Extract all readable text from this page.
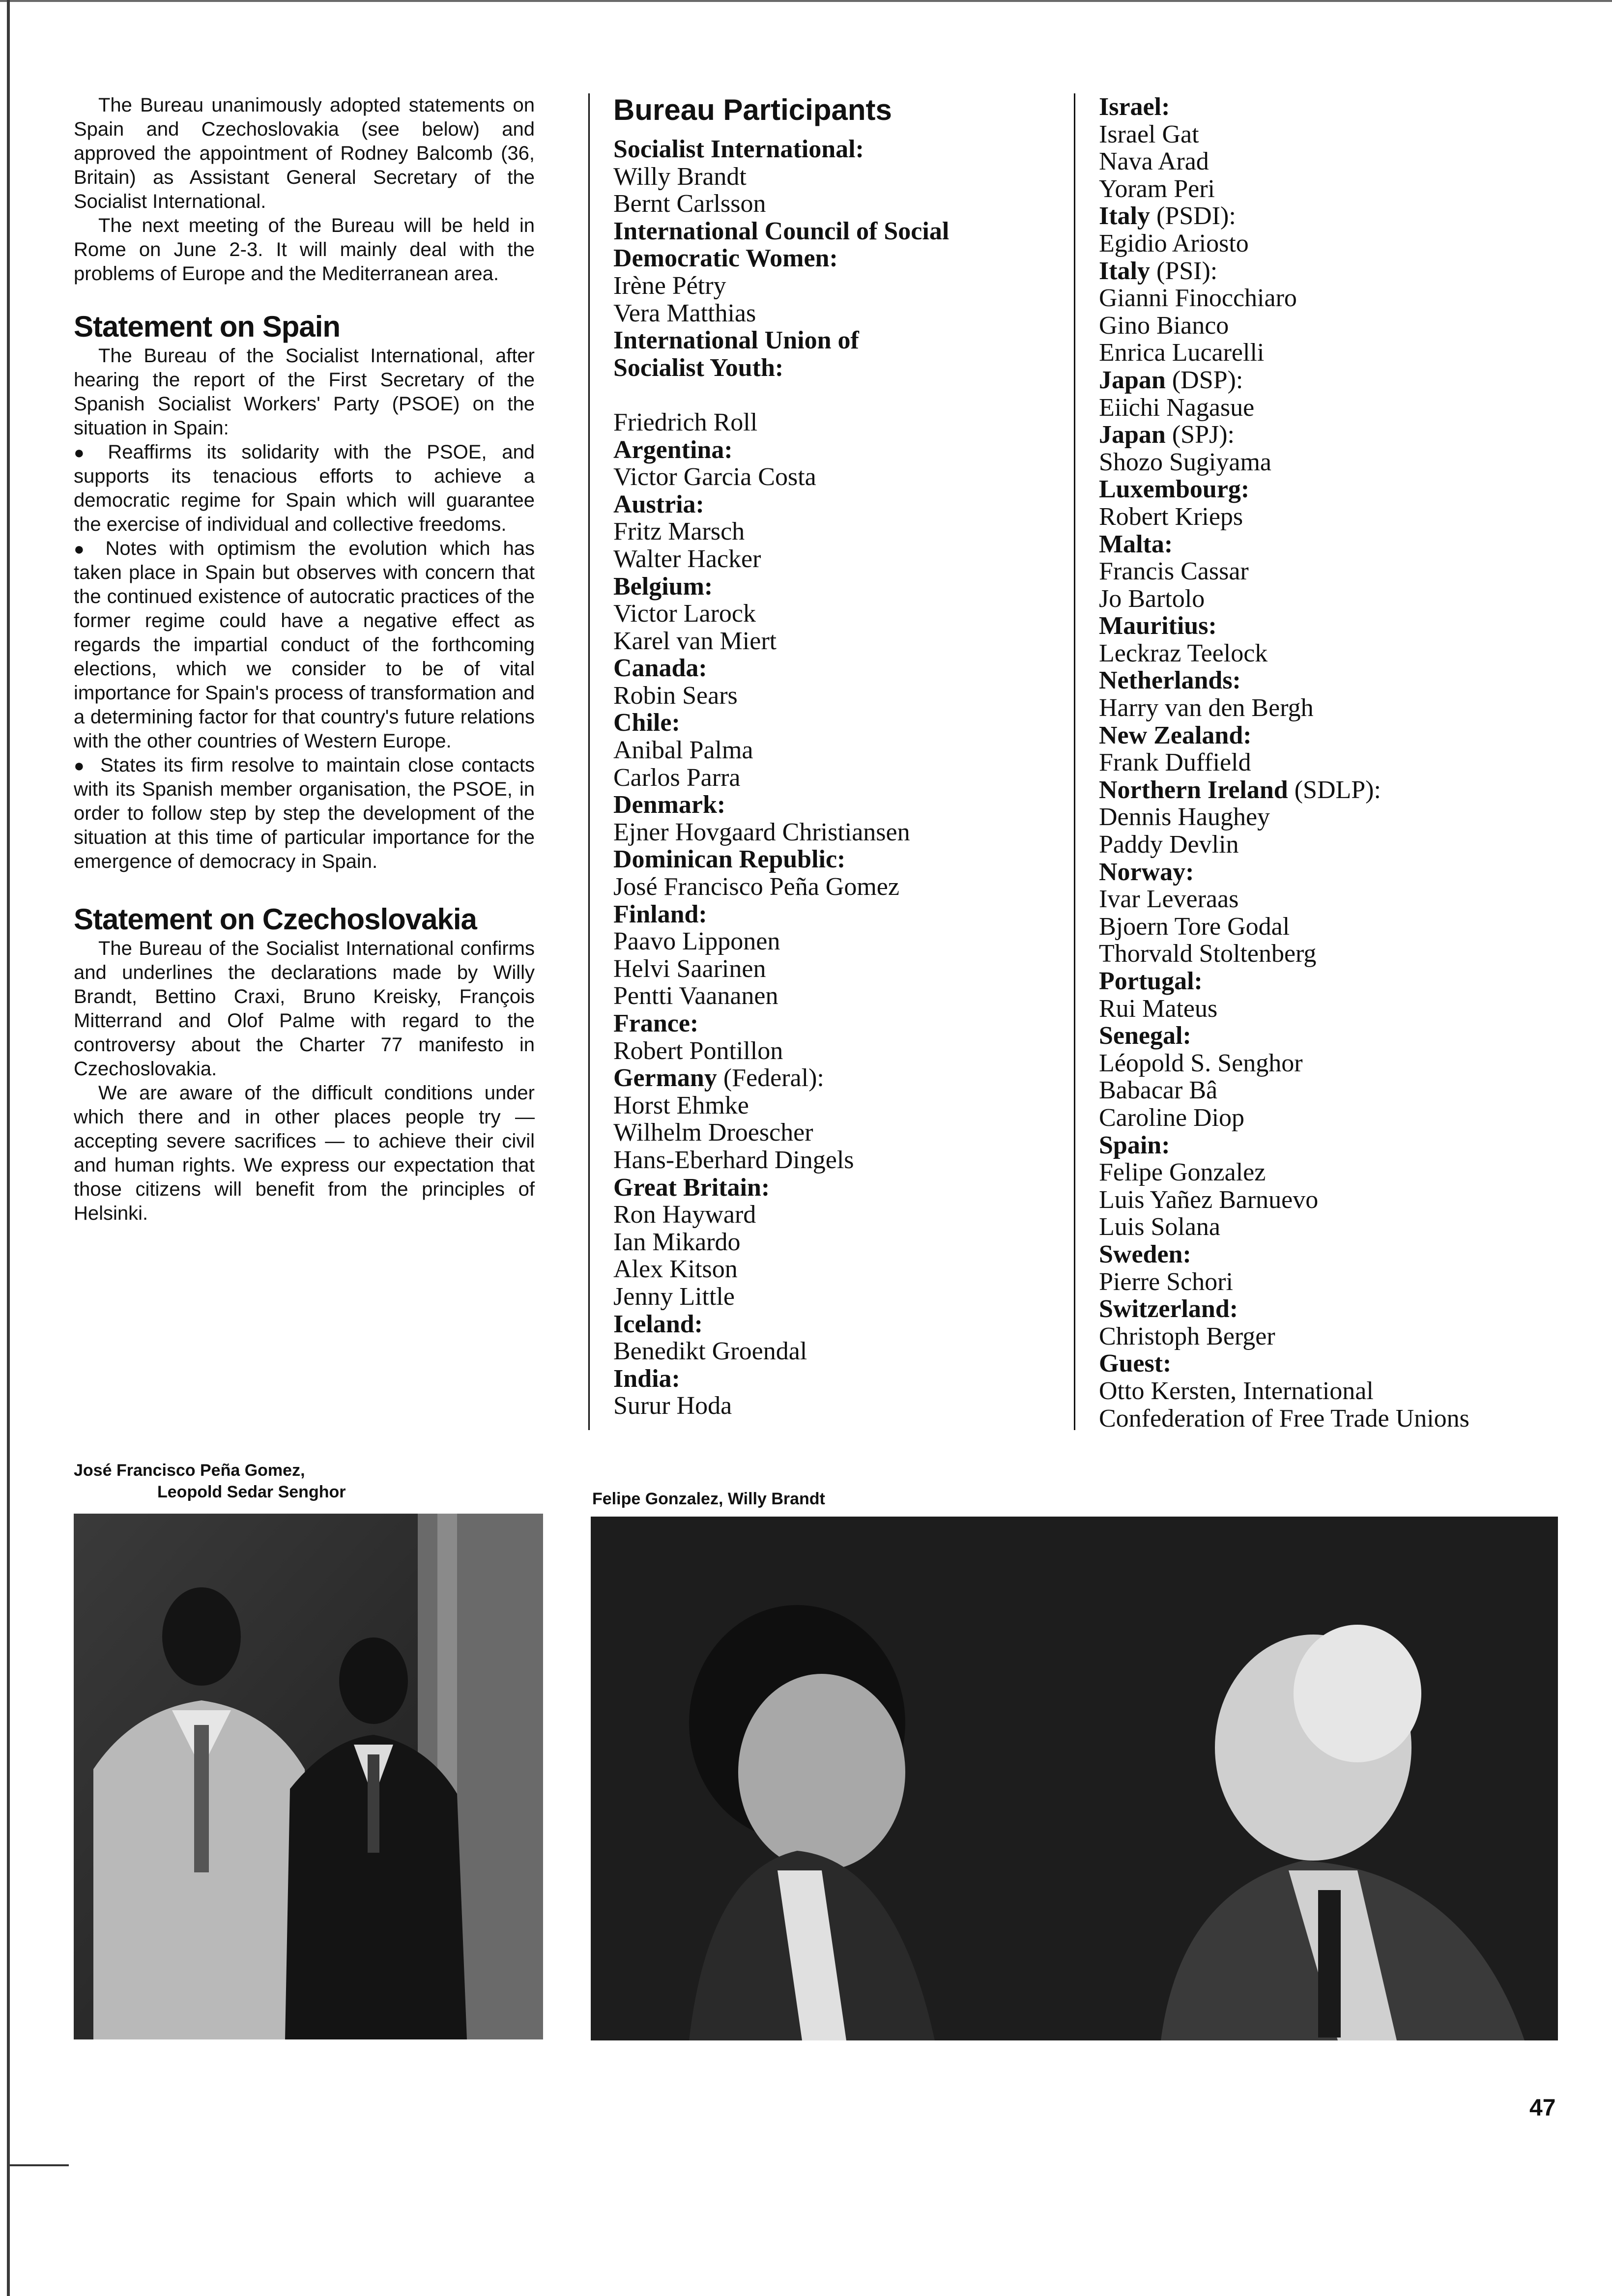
The Bureau unanimously adopted statements on Spain and Czechoslovakia (see below) and approved the appointment of Rodney Balcomb (36, Britain) as Assistant General Secretary of the Socialist International.

The next meeting of the Bureau will be held in Rome on June 2-3. It will mainly deal with the problems of Europe and the Mediterranean area.

Statement on Spain

The Bureau of the Socialist International, after hearing the report of the First Secretary of the Spanish Socialist Workers' Party (PSOE) on the situation in Spain:

● Reaffirms its solidarity with the PSOE, and supports its tenacious efforts to achieve a democratic regime for Spain which will guarantee the exercise of individual and collective freedoms.

● Notes with optimism the evolution which has taken place in Spain but observes with concern that the continued existence of autocratic practices of the former regime could have a negative effect as regards the impartial conduct of the forthcoming elections, which we consider to be of vital importance for Spain's process of transformation and a determining factor for that country's future relations with the other countries of Western Europe.

● States its firm resolve to maintain close contacts with its Spanish member organisation, the PSOE, in order to follow step by step the development of the situation at this time of particular importance for the emergence of democracy in Spain.

Statement on Czechoslovakia

The Bureau of the Socialist International confirms and underlines the declarations made by Willy Brandt, Bettino Craxi, Bruno Kreisky, François Mitterrand and Olof Palme with regard to the controversy about the Charter 77 manifesto in Czechoslovakia.

We are aware of the difficult conditions under which there and in other places people try — accepting severe sacrifices — to achieve their civil and human rights. We express our expectation that those citizens will benefit from the principles of Helsinki.

Bureau Participants
Socialist International:
Willy Brandt
Bernt Carlsson
International Council of Social
Democratic Women:
Irène Pétry
Vera Matthias
International Union of
Socialist Youth:
Friedrich Roll
Argentina:
Victor Garcia Costa
Austria:
Fritz Marsch
Walter Hacker
Belgium:
Victor Larock
Karel van Miert
Canada:
Robin Sears
Chile:
Anibal Palma
Carlos Parra
Denmark:
Ejner Hovgaard Christiansen
Dominican Republic:
José Francisco Peña Gomez
Finland:
Paavo Lipponen
Helvi Saarinen
Pentti Vaananen
France:
Robert Pontillon
Germany (Federal):
Horst Ehmke
Wilhelm Droescher
Hans-Eberhard Dingels
Great Britain:
Ron Hayward
Ian Mikardo
Alex Kitson
Jenny Little
Iceland:
Benedikt Groendal
India:
Surur Hoda
Israel:
Israel Gat
Nava Arad
Yoram Peri
Italy (PSDI):
Egidio Ariosto
Italy (PSI):
Gianni Finocchiaro
Gino Bianco
Enrica Lucarelli
Japan (DSP):
Eiichi Nagasue
Japan (SPJ):
Shozo Sugiyama
Luxembourg:
Robert Krieps
Malta:
Francis Cassar
Jo Bartolo
Mauritius:
Leckraz Teelock
Netherlands:
Harry van den Bergh
New Zealand:
Frank Duffield
Northern Ireland (SDLP):
Dennis Haughey
Paddy Devlin
Norway:
Ivar Leveraas
Bjoern Tore Godal
Thorvald Stoltenberg
Portugal:
Rui Mateus
Senegal:
Léopold S. Senghor
Babacar Bâ
Caroline Diop
Spain:
Felipe Gonzalez
Luis Yañez Barnuevo
Luis Solana
Sweden:
Pierre Schori
Switzerland:
Christoph Berger
Guest:
Otto Kersten, International
Confederation of Free Trade Unions
José Francisco Peña Gomez,
Leopold Sedar Senghor	Felipe Gonzalez, Willy Brandt
47
